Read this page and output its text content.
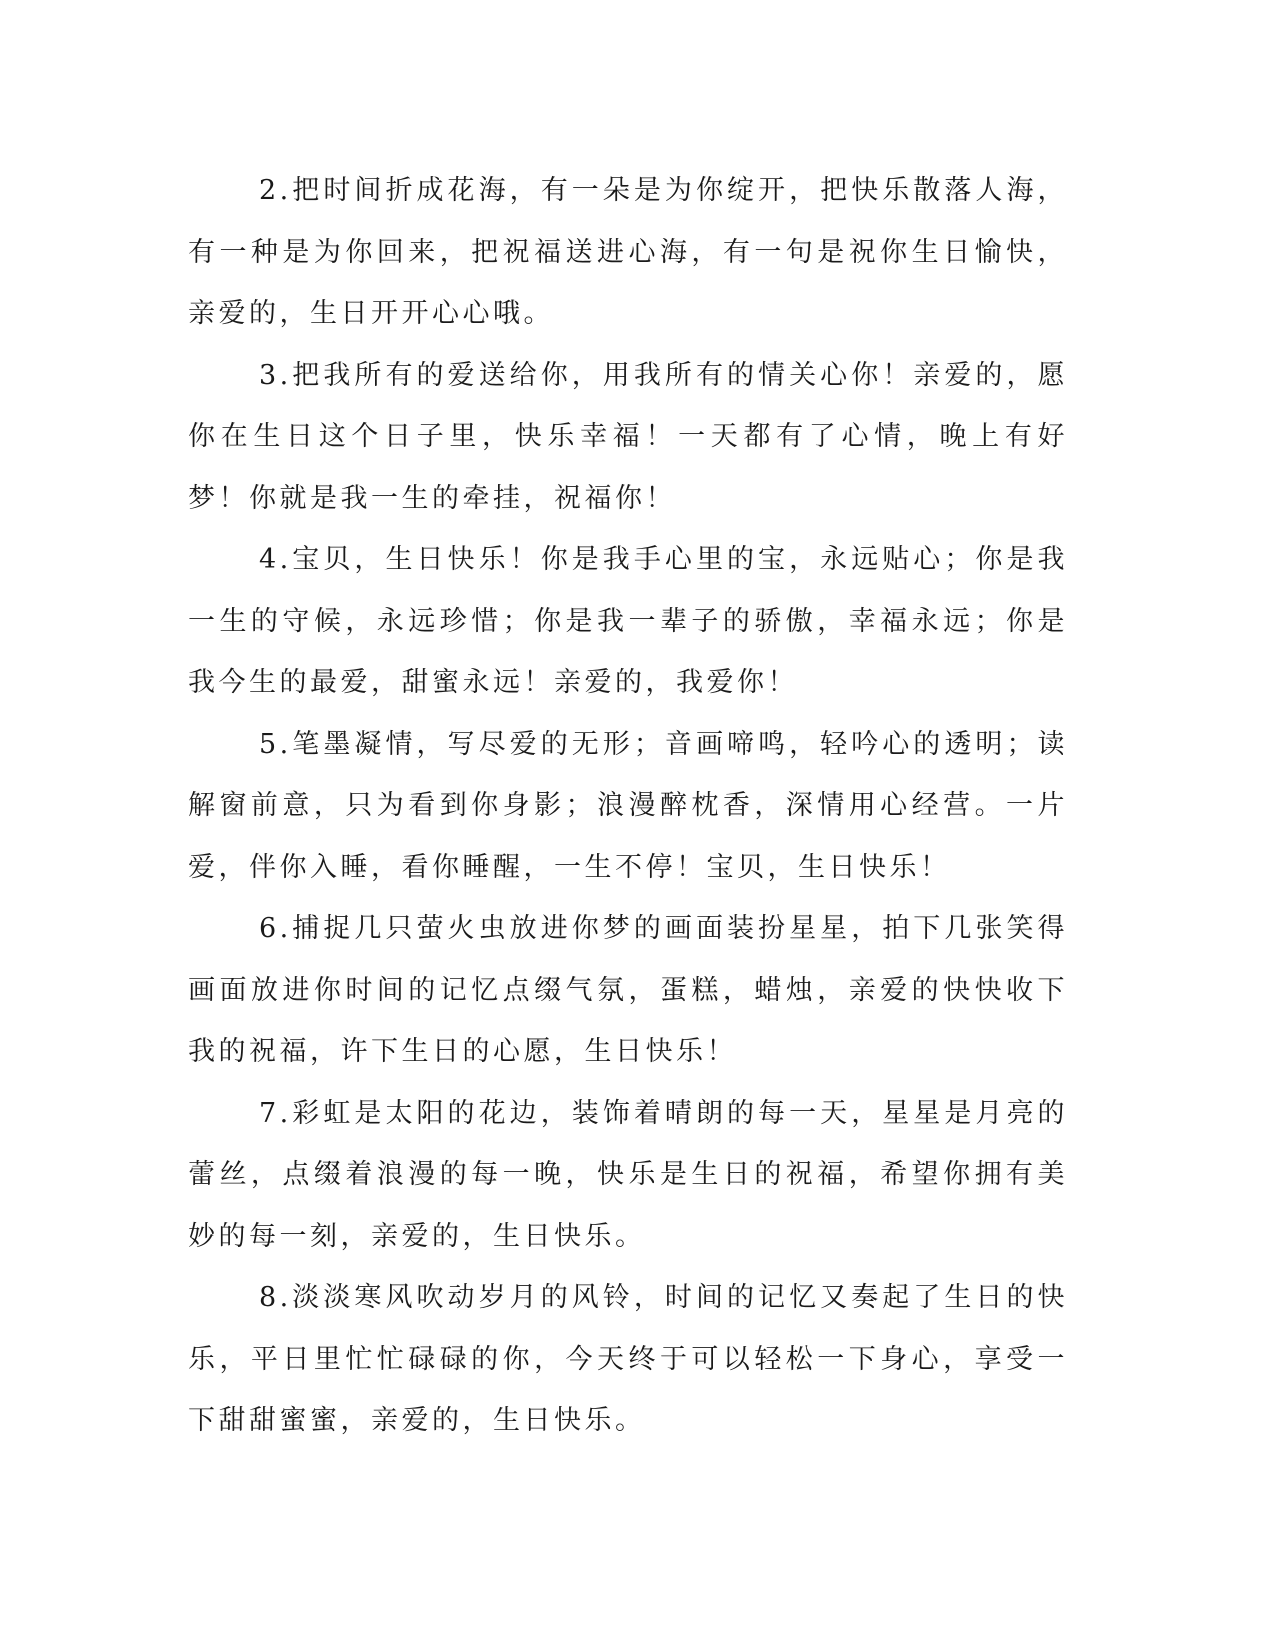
2.把时间折成花海，有一朵是为你绽开，把快乐散落人海，有一种是为你回来，把祝福送进心海，有一句是祝你生日愉快，亲爱的，生日开开心心哦。

3.把我所有的爱送给你，用我所有的情关心你！亲爱的，愿你在生日这个日子里，快乐幸福！一天都有了心情，晚上有好梦！你就是我一生的牵挂，祝福你！

4.宝贝，生日快乐！你是我手心里的宝，永远贴心；你是我一生的守候，永远珍惜；你是我一辈子的骄傲，幸福永远；你是我今生的最爱，甜蜜永远！亲爱的，我爱你！

5.笔墨凝情，写尽爱的无形；音画啼鸣，轻吟心的透明；读解窗前意，只为看到你身影；浪漫醉枕香，深情用心经营。一片爱，伴你入睡，看你睡醒，一生不停！宝贝，生日快乐！

6.捕捉几只萤火虫放进你梦的画面装扮星星，拍下几张笑得画面放进你时间的记忆点缀气氛，蛋糕，蜡烛，亲爱的快快收下我的祝福，许下生日的心愿，生日快乐！

7.彩虹是太阳的花边，装饰着晴朗的每一天，星星是月亮的蕾丝，点缀着浪漫的每一晚，快乐是生日的祝福，希望你拥有美妙的每一刻，亲爱的，生日快乐。

8.淡淡寒风吹动岁月的风铃，时间的记忆又奏起了生日的快乐，平日里忙忙碌碌的你，今天终于可以轻松一下身心，享受一下甜甜蜜蜜，亲爱的，生日快乐。
